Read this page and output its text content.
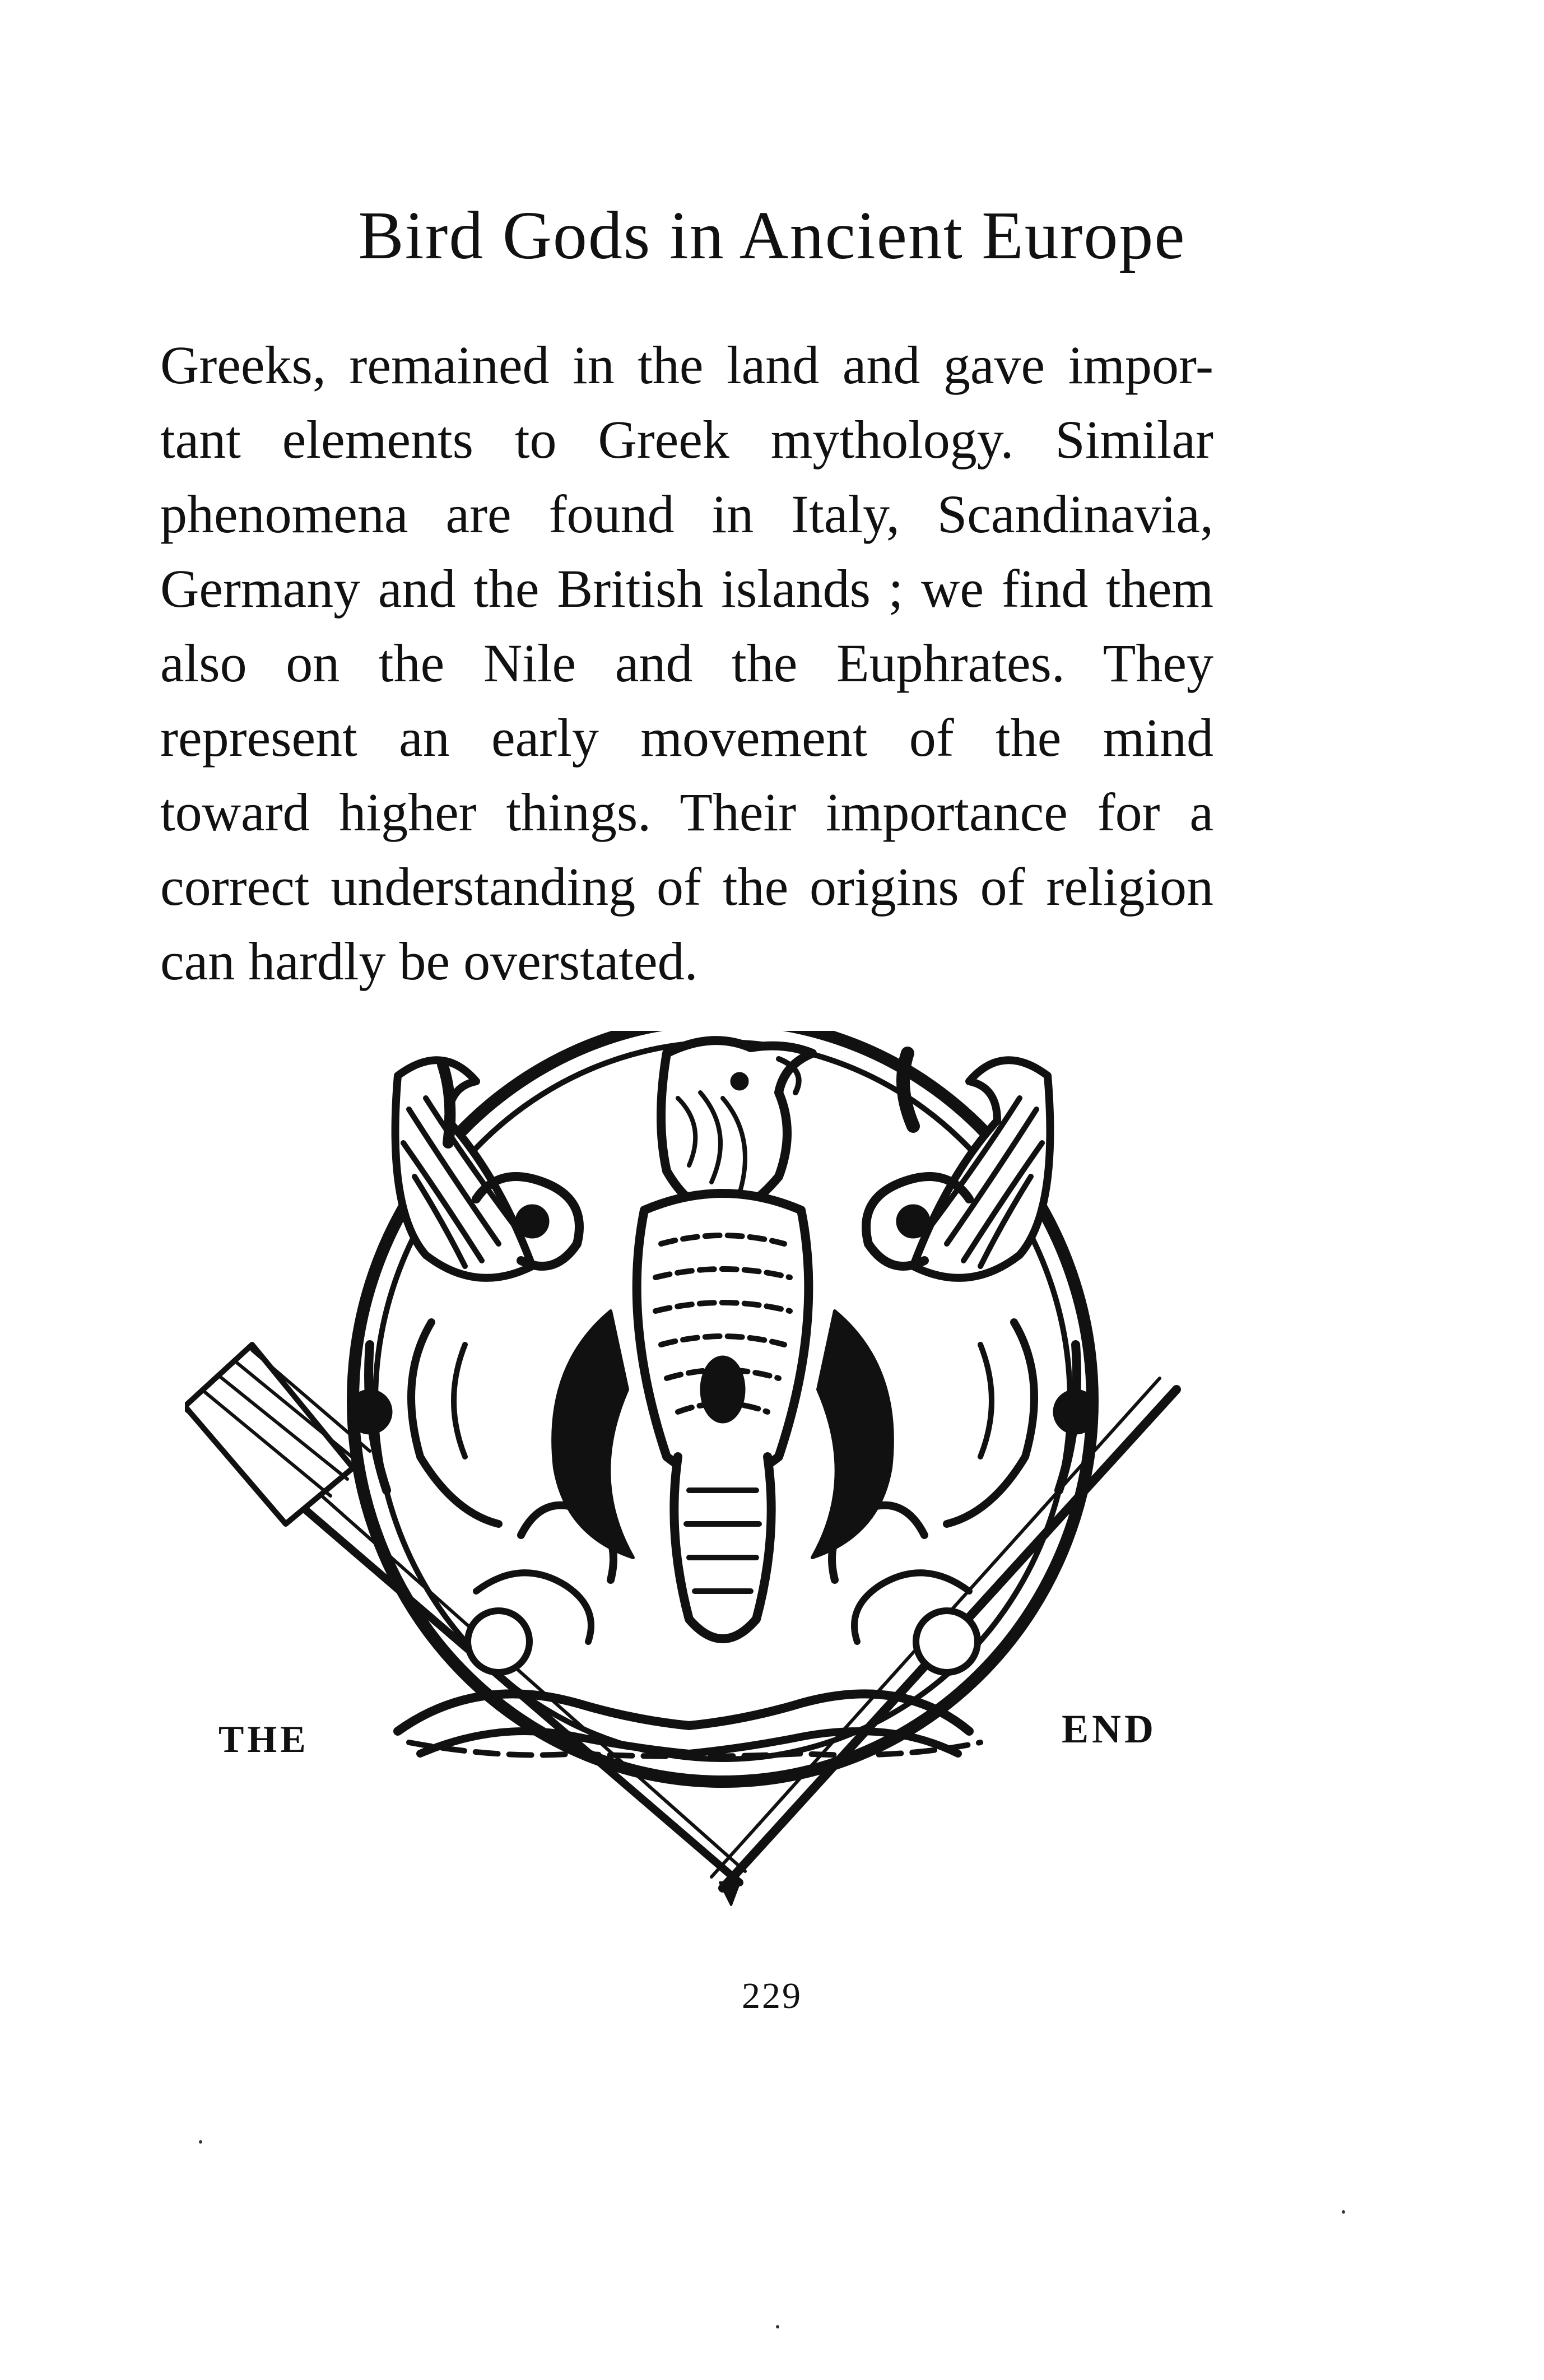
Bird Gods in Ancient Europe
Greeks, remained in the land and gave impor-
tant elements to Greek mythology. Similar
phenomena are found in Italy, Scandinavia,
Germany and the British islands ; we find them
also on the Nile and the Euphrates. They
represent an early movement of the mind
toward higher things. Their importance for a
correct understanding of the origins of religion
can hardly be overstated.
THE	END
229
